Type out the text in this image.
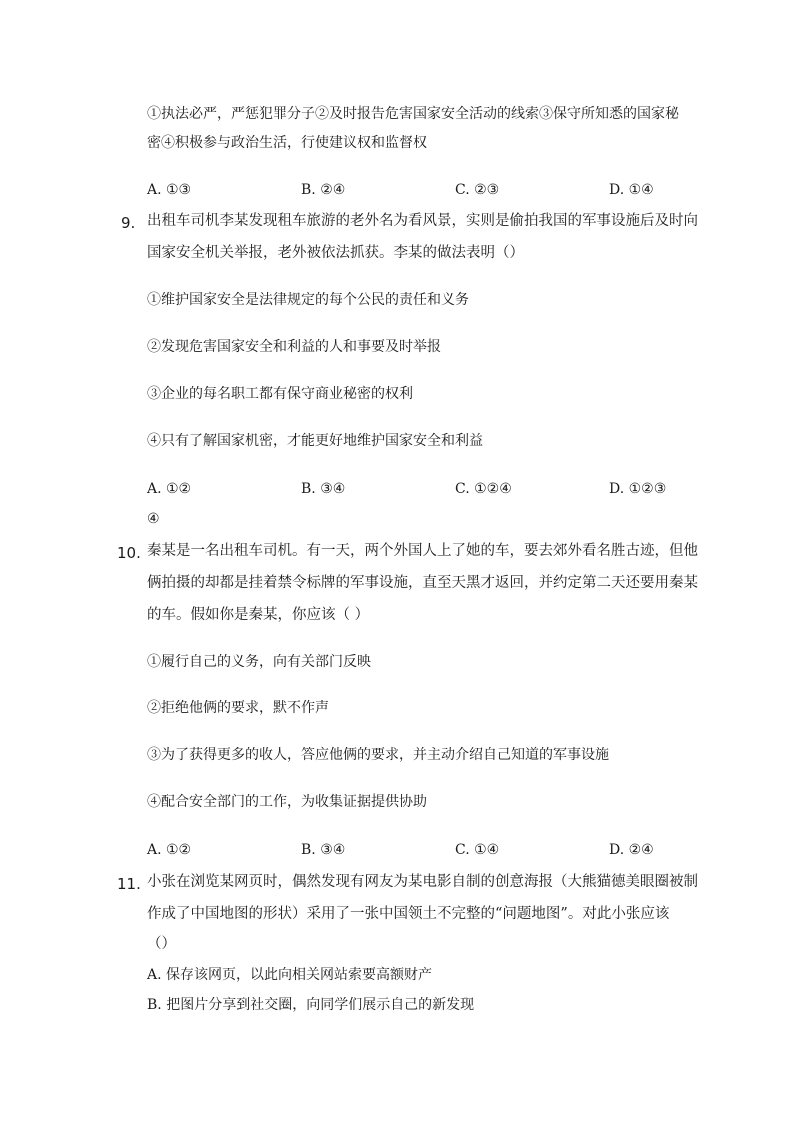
①执法必严，严惩犯罪分子②及时报告危害国家安全活动的线索③保守所知悉的国家秘
密④积极参与政治生活，行使建议权和监督权
A. ①③	B. ②④	C. ②③	D. ①④
9. 出租车司机李某发现租车旅游的老外名为看风景，实则是偷拍我国的军事设施后及时向
国家安全机关举报，老外被依法抓获。李某的做法表明（）
①维护国家安全是法律规定的每个公民的责任和义务
②发现危害国家安全和利益的人和事要及时举报
③企业的每名职工都有保守商业秘密的权利
④只有了解国家机密，才能更好地维护国家安全和利益
A. ①②	B. ③④	C. ①②④	D. ①②③
④
10. 秦某是一名出租车司机。有一天，两个外国人上了她的车，要去郊外看名胜古迹，但他
俩拍摄的却都是挂着禁令标牌的军事设施，直至天黑才返回，并约定第二天还要用秦某
的车。假如你是秦某，你应该（ ）
①履行自己的义务，向有关部门反映
②拒绝他俩的要求，默不作声
③为了获得更多的收人，答应他俩的要求，并主动介绍自己知道的军事设施
④配合安全部门的工作，为收集证据提供协助
A. ①②	B. ③④	C. ①④	D. ②④
11. 小张在浏览某网页时，偶然发现有网友为某电影自制的创意海报（大熊猫德美眼圈被制
作成了中国地图的形状）采用了一张中国领土不完整的“问题地图”。对此小张应该
（）
A. 保存该网页，以此向相关网站索要高额财产
B. 把图片分享到社交圈，向同学们展示自己的新发现
